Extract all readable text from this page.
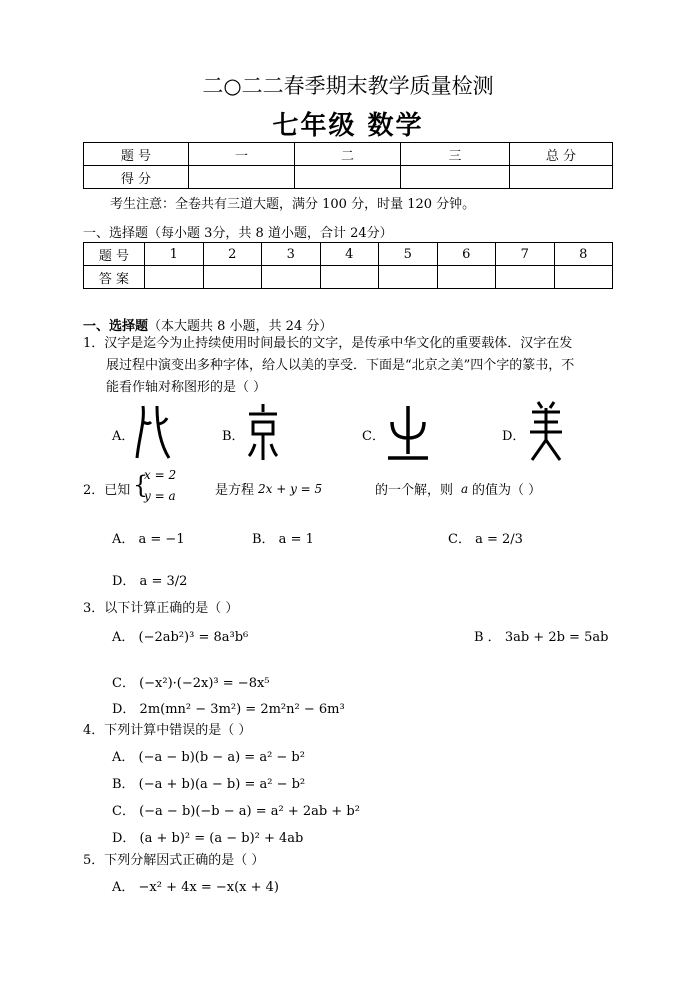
二○二二春季期末教学质量检测
七年级 数学
题 号	一	二	三	总 分
得 分				
考生注意：全卷共有三道大题，满分 100 分，时量 120 分钟。
一、选择题（每小题 3分，共 8 道小题，合计 24分）
题 号	1	2	3	4	5	6	7	8
答 案								
一、选择题（本大题共 8 小题，共 24 分）
1．汉字是迄今为止持续使用时间最长的文字，是传承中华文化的重要载体．汉字在发
展过程中演变出多种字体，给人以美的享受．下面是“北京之美”四个字的篆书，不
能看作轴对称图形的是（ ）
A．	B．	C．	D．
2．已知 {
x = 2
y = a	是方程 2x + y = 5	的一个解，则 a 的值为（ ）
A． a = −1	B． a = 1	C． a = 2/3
D． a = 3/2
3．以下计算正确的是（ ）
A． (−2ab²)³ = 8a³b⁶	B ． 3ab + 2b = 5ab
C． (−x²)·(−2x)³ = −8x⁵
D． 2m(mn² − 3m²) = 2m²n² − 6m³
4．下列计算中错误的是（ ）
A． (−a − b)(b − a) = a² − b²
B． (−a + b)(a − b) = a² − b²
C． (−a − b)(−b − a) = a² + 2ab + b²
D． (a + b)² = (a − b)² + 4ab
5．下列分解因式正确的是（ ）
A． −x² + 4x = −x(x + 4)
